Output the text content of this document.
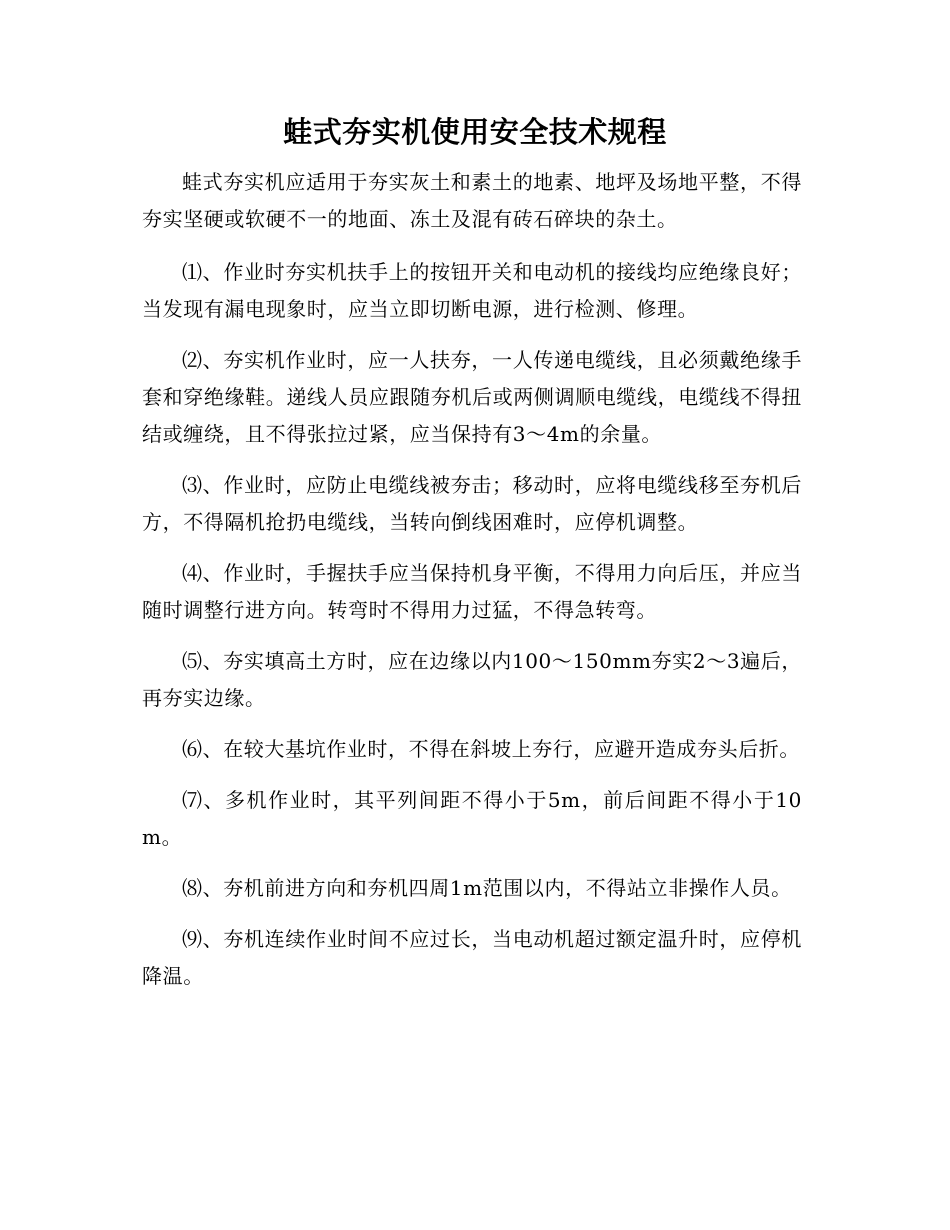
蛙式夯实机使用安全技术规程

蛙式夯实机应适用于夯实灰土和素土的地素、地坪及场地平整，不得夯实坚硬或软硬不一的地面、冻土及混有砖石碎块的杂土。

⑴、作业时夯实机扶手上的按钮开关和电动机的接线均应绝缘良好；当发现有漏电现象时，应当立即切断电源，进行检测、修理。

⑵、夯实机作业时，应一人扶夯，一人传递电缆线，且必须戴绝缘手套和穿绝缘鞋。递线人员应跟随夯机后或两侧调顺电缆线，电缆线不得扭结或缠绕，且不得张拉过紧，应当保持有3～4m的余量。

⑶、作业时，应防止电缆线被夯击；移动时，应将电缆线移至夯机后方，不得隔机抢扔电缆线，当转向倒线困难时，应停机调整。

⑷、作业时，手握扶手应当保持机身平衡，不得用力向后压，并应当随时调整行进方向。转弯时不得用力过猛，不得急转弯。

⑸、夯实填高土方时，应在边缘以内100～150mm夯实2～3遍后，再夯实边缘。

⑹、在较大基坑作业时，不得在斜坡上夯行，应避开造成夯头后折。

⑺、多机作业时，其平列间距不得小于5m，前后间距不得小于10m。

⑻、夯机前进方向和夯机四周1m范围以内，不得站立非操作人员。

⑼、夯机连续作业时间不应过长，当电动机超过额定温升时，应停机降温。
